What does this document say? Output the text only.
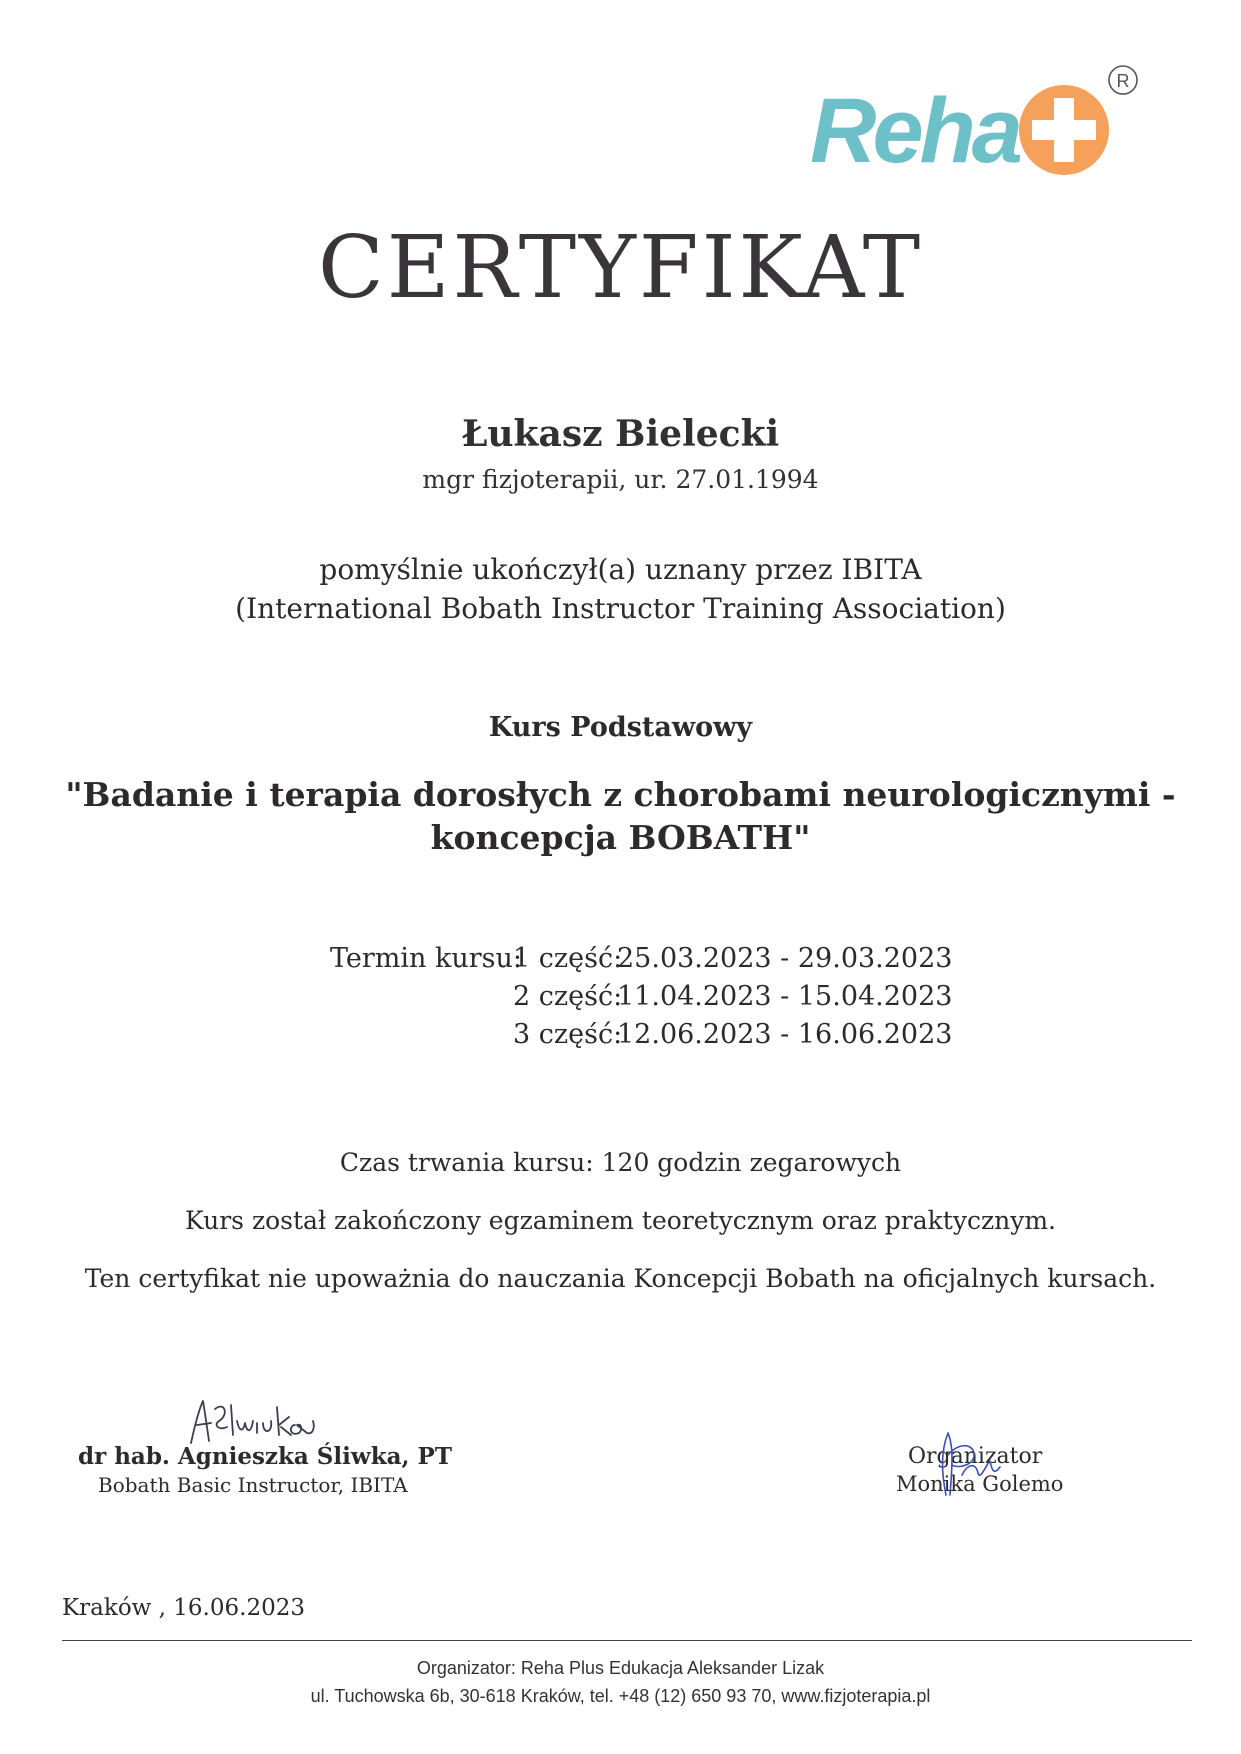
Reha	R
CERTYFIKAT
Łukasz Bielecki
mgr fizjoterapii, ur. 27.01.1994
pomyślnie ukończył(a) uznany przez IBITA
(International Bobath Instructor Training Association)
Kurs Podstawowy
"Badanie i terapia dorosłych z chorobami neurologicznymi -
koncepcja BOBATH"
Termin kursu:
1 część:
25.03.2023 - 29.03.2023
2 część:
11.04.2023 - 15.04.2023
3 część:
12.06.2023 - 16.06.2023
Czas trwania kursu: 120 godzin zegarowych
Kurs został zakończony egzaminem teoretycznym oraz praktycznym.
Ten certyfikat nie upoważnia do nauczania Koncepcji Bobath na oficjalnych kursach.
dr hab. Agnieszka Śliwka, PT
Bobath Basic Instructor, IBITA
Organizator
Monika Golemo
Kraków , 16.06.2023
Organizator: Reha Plus Edukacja Aleksander Lizak
ul. Tuchowska 6b, 30-618 Kraków, tel. +48 (12) 650 93 70, www.fizjoterapia.pl
